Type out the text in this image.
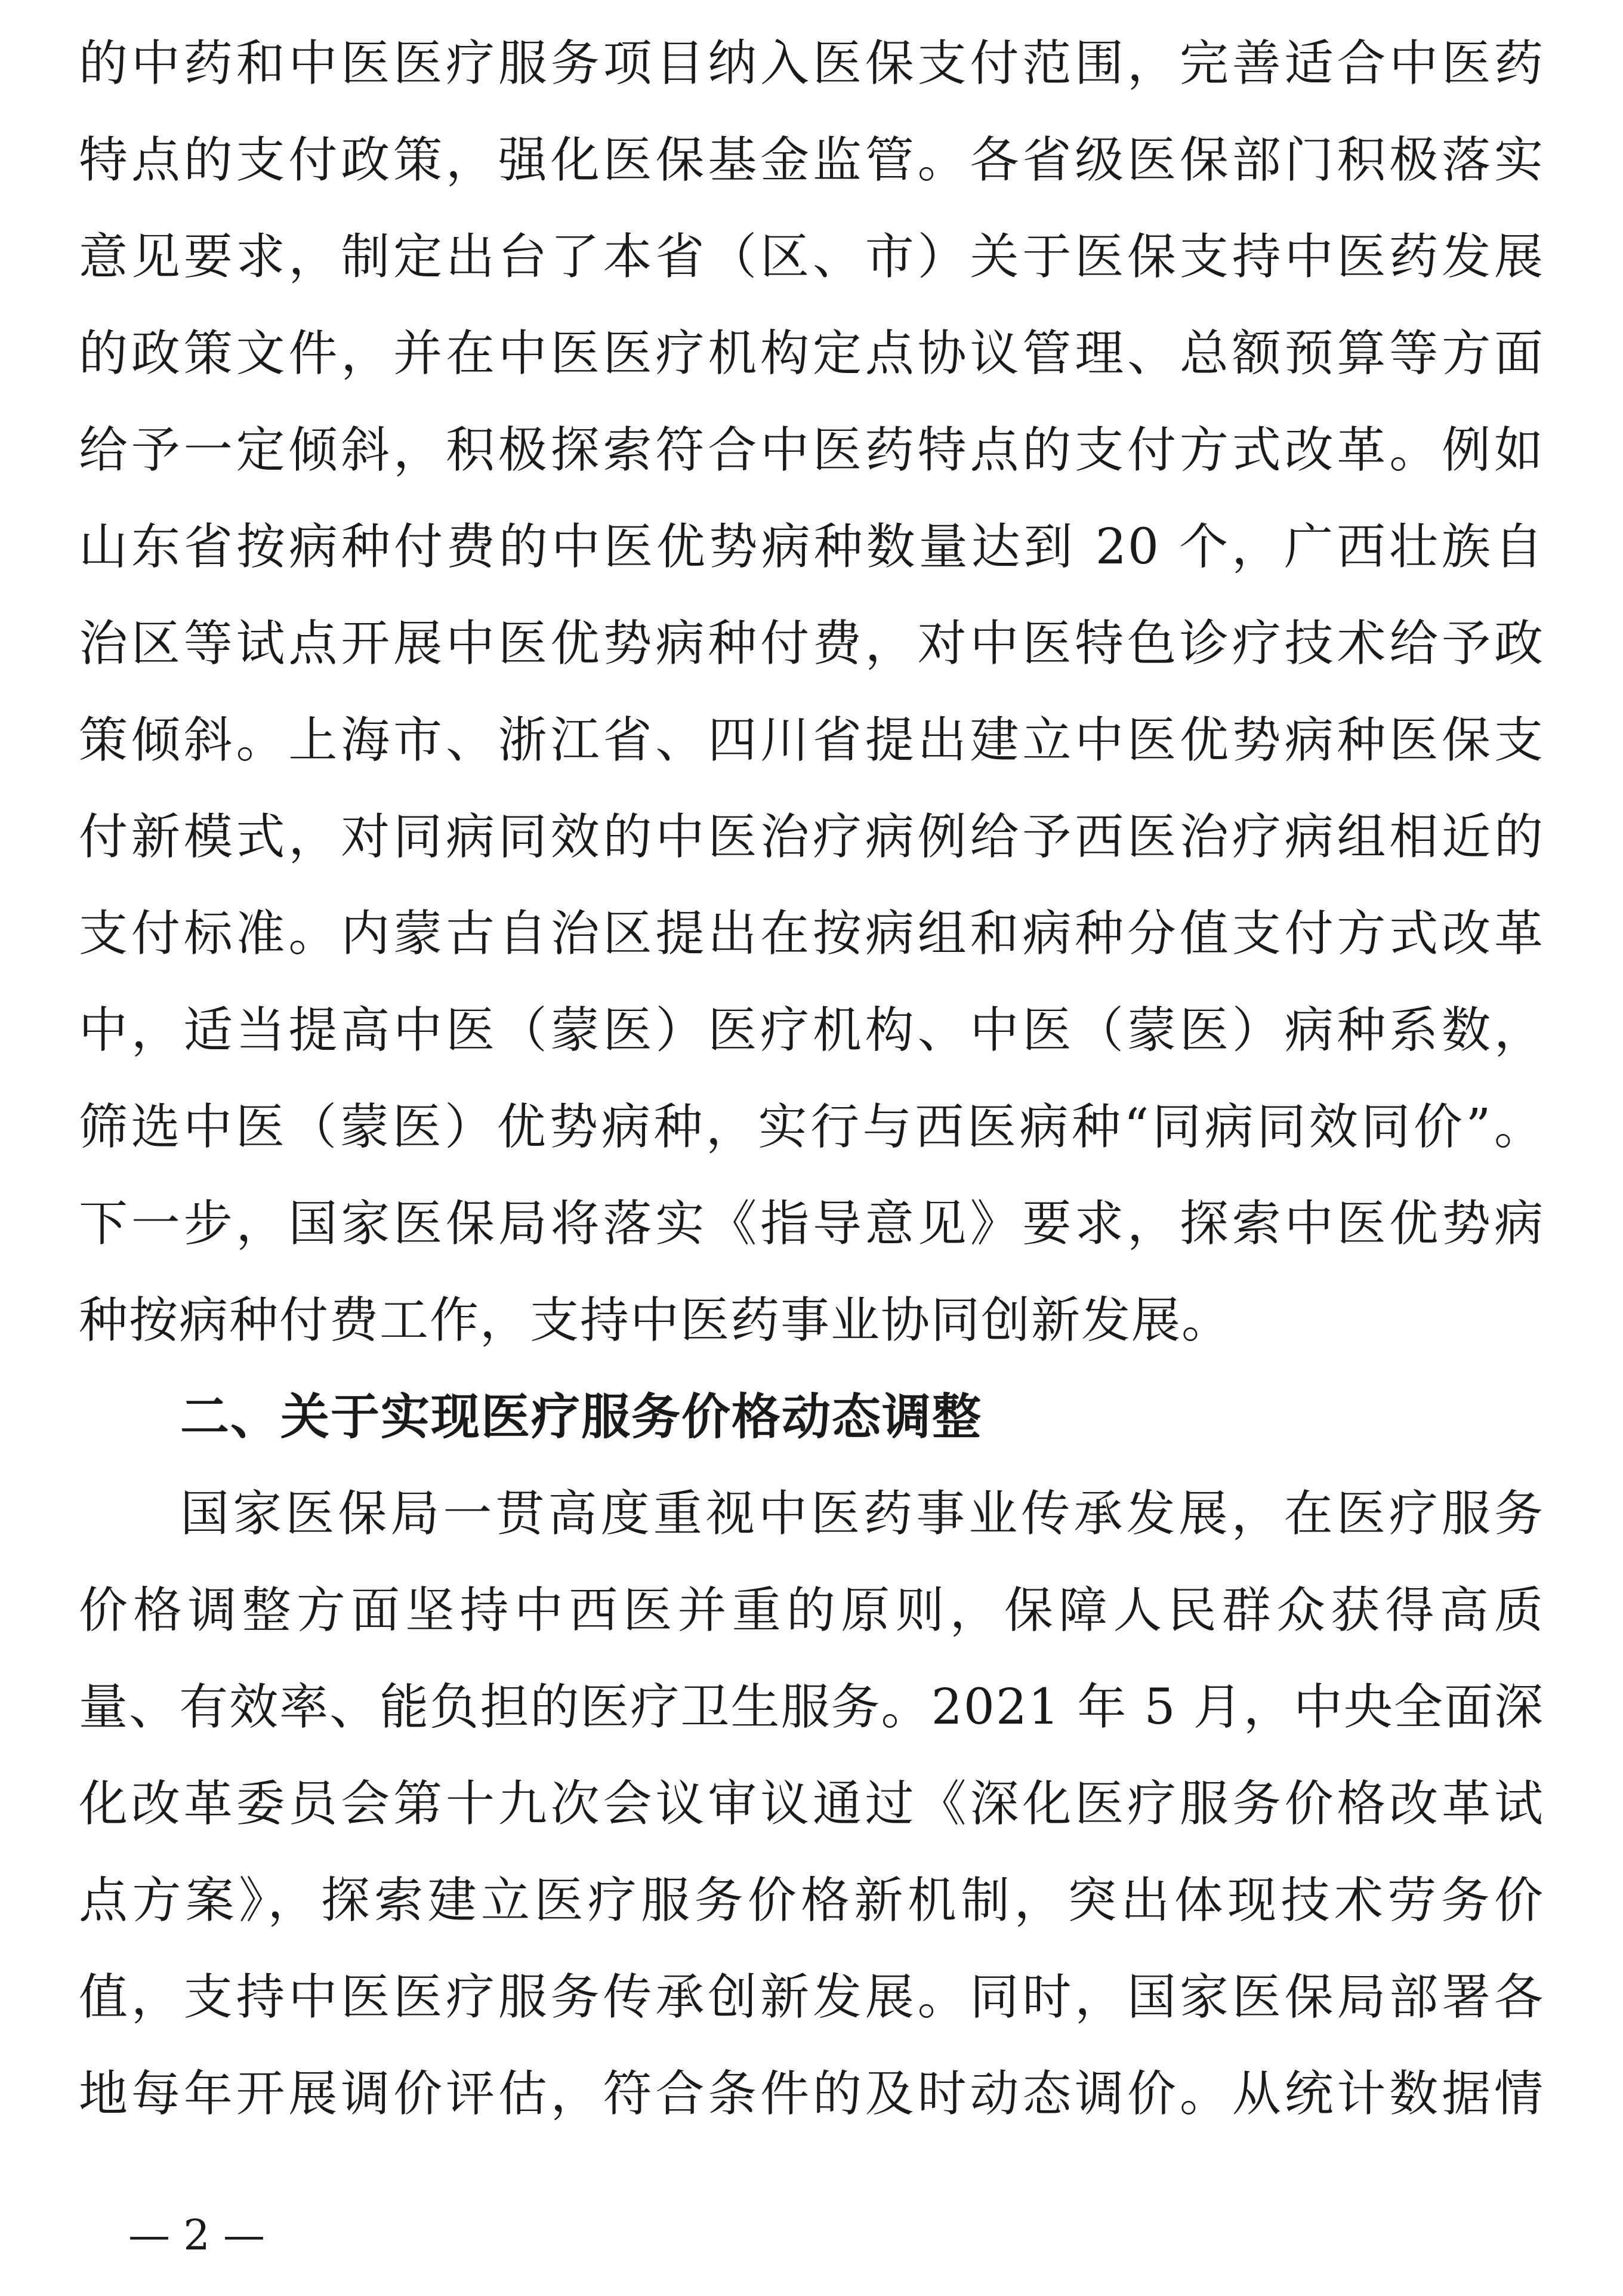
的中药和中医医疗服务项目纳入医保支付范围，完善适合中医药
特点的支付政策，强化医保基金监管。各省级医保部门积极落实
意见要求，制定出台了本省（区、市）关于医保支持中医药发展
的政策文件，并在中医医疗机构定点协议管理、总额预算等方面
给予一定倾斜，积极探索符合中医药特点的支付方式改革。例如
山东省按病种付费的中医优势病种数量达到 20 个，广西壮族自
治区等试点开展中医优势病种付费，对中医特色诊疗技术给予政
策倾斜。上海市、浙江省、四川省提出建立中医优势病种医保支
付新模式，对同病同效的中医治疗病例给予西医治疗病组相近的
支付标准。内蒙古自治区提出在按病组和病种分值支付方式改革
中，适当提高中医（蒙医）医疗机构、中医（蒙医）病种系数，
筛选中医（蒙医）优势病种，实行与西医病种“同病同效同价”。
下一步，国家医保局将落实《指导意见》要求，探索中医优势病
种按病种付费工作，支持中医药事业协同创新发展。
二、关于实现医疗服务价格动态调整
国家医保局一贯高度重视中医药事业传承发展，在医疗服务
价格调整方面坚持中西医并重的原则，保障人民群众获得高质
量、有效率、能负担的医疗卫生服务。2021 年 5 月，中央全面深
化改革委员会第十九次会议审议通过《深化医疗服务价格改革试
点方案》，探索建立医疗服务价格新机制，突出体现技术劳务价
值，支持中医医疗服务传承创新发展。同时，国家医保局部署各
地每年开展调价评估，符合条件的及时动态调价。从统计数据情
— 2 —
